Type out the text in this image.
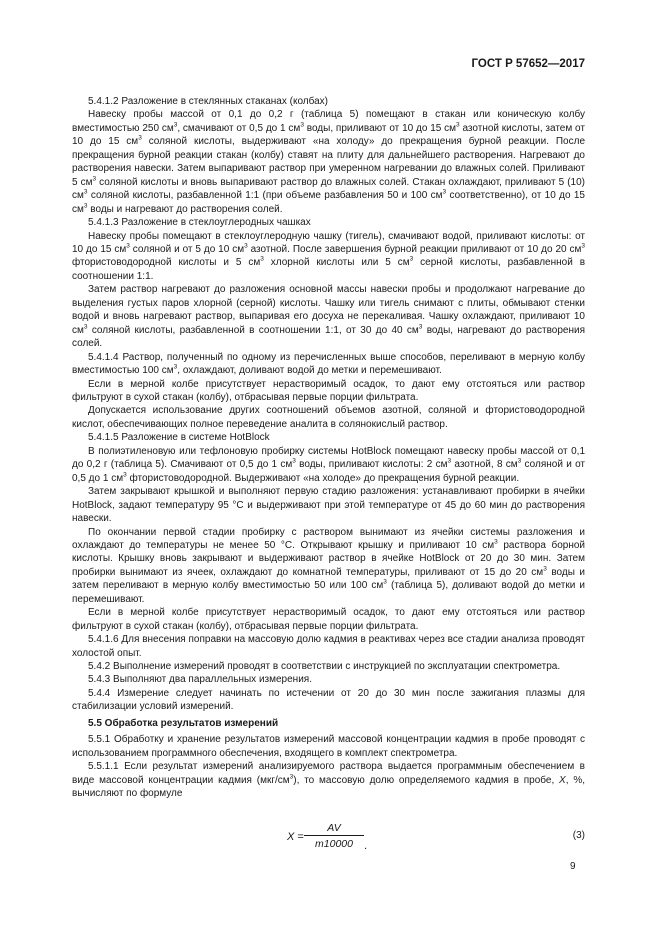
ГОСТ Р 57652—2017

5.4.1.2 Разложение в стеклянных стаканах (колбах)

Навеску пробы массой от 0,1 до 0,2 г (таблица 5) помещают в стакан или коническую колбу вместимостью 250 $см^3$, смачивают от 0,5 до 1 $см^3$ воды, приливают от 10 до 15 $см^3$ азотной кислоты, затем от 10 до 15 $см^3$ соляной кислоты, выдерживают «на холоду» до прекращения бурной реакции. После прекращения бурной реакции стакан (колбу) ставят на плиту для дальнейшего растворения. Нагревают до растворения навески. Затем выпаривают раствор при умеренном нагревании до влажных солей. Приливают 5 $см^3$ соляной кислоты и вновь выпаривают раствор до влажных солей. Стакан охлаждают, приливают 5 (10) $см^3$ соляной кислоты, разбавленной 1:1 (при объеме разбавления 50 и 100 $см^3$ соответственно), от 10 до 15 $см^3$ воды и нагревают до растворения солей.

5.4.1.3 Разложение в стеклоуглеродных чашках

Навеску пробы помещают в стеклоуглеродную чашку (тигель), смачивают водой, приливают кислоты: от 10 до 15 $см^3$ соляной и от 5 до 10 $см^3$ азотной. После завершения бурной реакции приливают от 10 до 20 $см^3$ фтористоводородной кислоты и 5 $см^3$ хлорной кислоты или 5 $см^3$ серной кислоты, разбавленной в соотношении 1:1.

Затем раствор нагревают до разложения основной массы навески пробы и продолжают нагревание до выделения густых паров хлорной (серной) кислоты. Чашку или тигель снимают с плиты, обмывают стенки водой и вновь нагревают раствор, выпаривая его досуха не перекаливая. Чашку охлаждают, приливают 10 $см^3$ соляной кислоты, разбавленной в соотношении 1:1, от 30 до 40 $см^3$ воды, нагревают до растворения солей.

5.4.1.4 Раствор, полученный по одному из перечисленных выше способов, переливают в мерную колбу вместимостью 100 $см^3$, охлаждают, доливают водой до метки и перемешивают.

Если в мерной колбе присутствует нерастворимый осадок, то дают ему отстояться или раствор фильтруют в сухой стакан (колбу), отбрасывая первые порции фильтрата.

Допускается использование других соотношений объемов азотной, соляной и фтористоводородной кислот, обеспечивающих полное переведение аналита в солянокислый раствор.

5.4.1.5 Разложение в системе HotBlock

В полиэтиленовую или тефлоновую пробирку системы HotBlock помещают навеску пробы массой от 0,1 до 0,2 г (таблица 5). Смачивают от 0,5 до 1 $см^3$ воды, приливают кислоты: 2 $см^3$ азотной, 8 $см^3$ соляной и от 0,5 до 1 $см^3$ фтористоводородной. Выдерживают «на холоде» до прекращения бурной реакции.

Затем закрывают крышкой и выполняют первую стадию разложения: устанавливают пробирки в ячейки HotBlock, задают температуру 95 °С и выдерживают при этой температуре от 45 до 60 мин до растворения навески.

По окончании первой стадии пробирку с раствором вынимают из ячейки системы разложения и охлаждают до температуры не менее 50 °С. Открывают крышку и приливают 10 $см^3$ раствора борной кислоты. Крышку вновь закрывают и выдерживают раствор в ячейке HotBlock от 20 до 30 мин. Затем пробирки вынимают из ячеек, охлаждают до комнатной температуры, приливают от 15 до 20 $см^3$ воды и затем переливают в мерную колбу вместимостью 50 или 100 $см^3$ (таблица 5), доливают водой до метки и перемешивают.

Если в мерной колбе присутствует нерастворимый осадок, то дают ему отстояться или раствор фильтруют в сухой стакан (колбу), отбрасывая первые порции фильтрата.

5.4.1.6 Для внесения поправки на массовую долю кадмия в реактивах через все стадии анализа проводят холостой опыт.

5.4.2 Выполнение измерений проводят в соответствии с инструкцией по эксплуатации спектрометра.

5.4.3 Выполняют два параллельных измерения.

5.4.4 Измерение следует начинать по истечении от 20 до 30 мин после зажигания плазмы для стабилизации условий измерений.

5.5 Обработка результатов измерений

5.5.1 Обработку и хранение результатов измерений массовой концентрации кадмия в пробе проводят с использованием программного обеспечения, входящего в комплект спектрометра.

5.5.1.1 Если результат измерений анализируемого раствора выдается программным обеспечением в виде массовой концентрации кадмия $(мкг/см^3)$, то массовую долю определяемого кадмия в пробе, X, %, вычисляют по формуле

$X = \frac{AV}{m10000}$ .
(3)
9
